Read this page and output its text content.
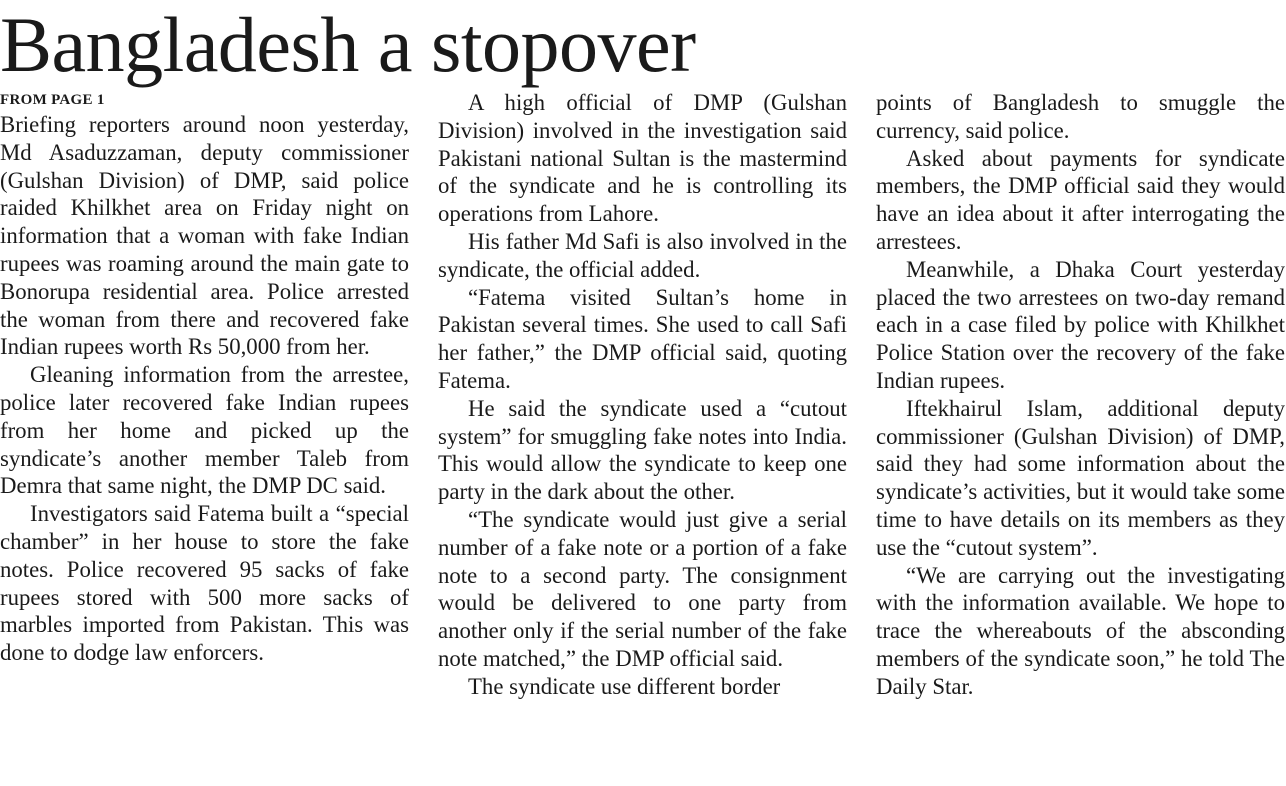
Bangladesh a stopover
FROM PAGE 1

Briefing reporters around noon yesterday, Md Asaduzzaman, deputy commissioner (Gulshan Division) of DMP, said police raided Khilkhet area on Friday night on information that a woman with fake Indian rupees was roaming around the main gate to Bonorupa residential area. Police arrested the woman from there and recovered fake Indian rupees worth Rs 50,000 from her.

Gleaning information from the arrestee, police later recovered fake Indian rupees from her home and picked up the syndicate’s another member Taleb from Demra that same night, the DMP DC said.

Investigators said Fatema built a “special chamber” in her house to store the fake notes. Police recovered 95 sacks of fake rupees stored with 500 more sacks of marbles imported from Pakistan. This was done to dodge law enforcers.

A high official of DMP (Gulshan Division) involved in the investigation said Pakistani national Sultan is the mastermind of the syndicate and he is controlling its operations from Lahore.

His father Md Safi is also involved in the syndicate, the official added.

“Fatema visited Sultan’s home in Pakistan several times. She used to call Safi her father,” the DMP official said, quoting Fatema.

He said the syndicate used a “cutout system” for smuggling fake notes into India. This would allow the syndicate to keep one party in the dark about the other.

“The syndicate would just give a serial number of a fake note or a portion of a fake note to a second party. The consignment would be delivered to one party from another only if the serial number of the fake note matched,” the DMP official said.

The syndicate use different border

points of Bangladesh to smuggle the currency, said police.

Asked about payments for syndicate members, the DMP official said they would have an idea about it after interrogating the arrestees.

Meanwhile, a Dhaka Court yesterday placed the two arrestees on two-day remand each in a case filed by police with Khilkhet Police Station over the recovery of the fake Indian rupees.

Iftekhairul Islam, additional deputy commissioner (Gulshan Division) of DMP, said they had some information about the syndicate’s activities, but it would take some time to have details on its members as they use the “cutout system”.

“We are carrying out the investigating with the information available. We hope to trace the whereabouts of the absconding members of the syndicate soon,” he told The Daily Star.
